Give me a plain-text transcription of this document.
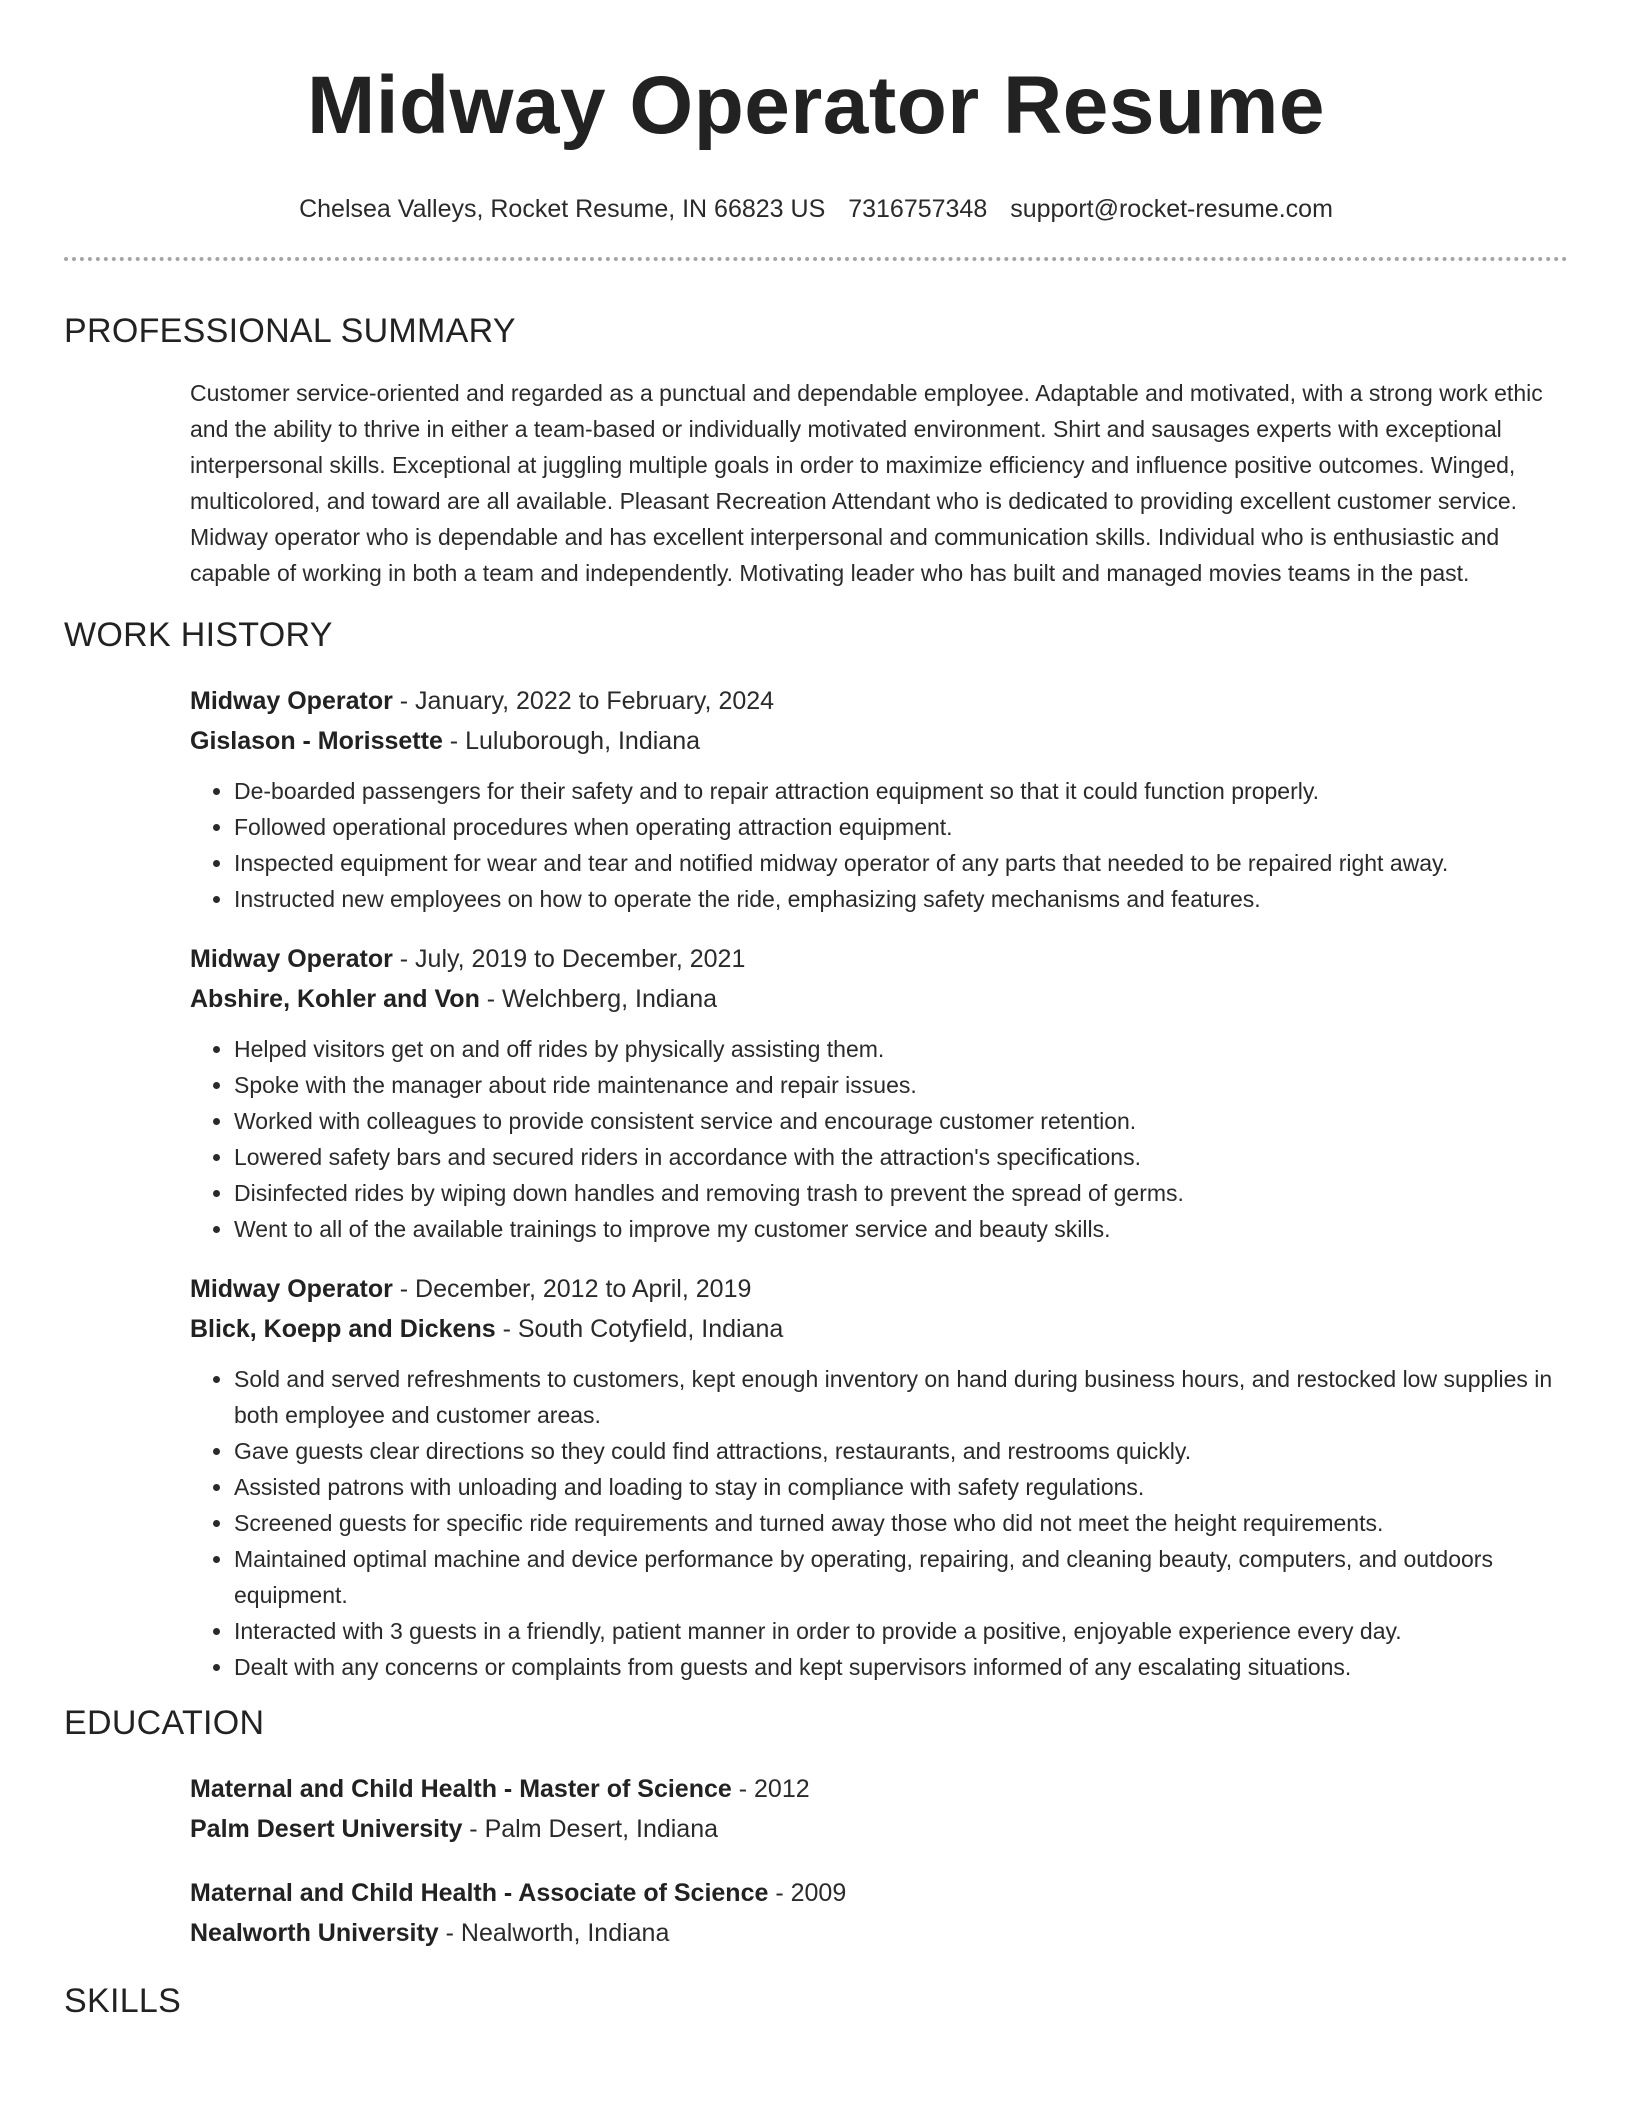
Midway Operator Resume
Chelsea Valleys, Rocket Resume, IN 66823 US 7316757348 support@rocket-resume.com
PROFESSIONAL SUMMARY

Customer service-oriented and regarded as a punctual and dependable employee. Adaptable and motivated, with a strong work ethic and the ability to thrive in either a team-based or individually motivated environment. Shirt and sausages experts with exceptional interpersonal skills. Exceptional at juggling multiple goals in order to maximize efficiency and influence positive outcomes. Winged, multicolored, and toward are all available. Pleasant Recreation Attendant who is dedicated to providing excellent customer service. Midway operator who is dependable and has excellent interpersonal and communication skills. Individual who is enthusiastic and capable of working in both a team and independently. Motivating leader who has built and managed movies teams in the past.

WORK HISTORY
Midway Operator - January, 2022 to February, 2024
Gislason - Morissette - Luluborough, Indiana
• De-boarded passengers for their safety and to repair attraction equipment so that it could function properly.
• Followed operational procedures when operating attraction equipment.
• Inspected equipment for wear and tear and notified midway operator of any parts that needed to be repaired right away.
• Instructed new employees on how to operate the ride, emphasizing safety mechanisms and features.
Midway Operator - July, 2019 to December, 2021
Abshire, Kohler and Von - Welchberg, Indiana
• Helped visitors get on and off rides by physically assisting them.
• Spoke with the manager about ride maintenance and repair issues.
• Worked with colleagues to provide consistent service and encourage customer retention.
• Lowered safety bars and secured riders in accordance with the attraction's specifications.
• Disinfected rides by wiping down handles and removing trash to prevent the spread of germs.
• Went to all of the available trainings to improve my customer service and beauty skills.
Midway Operator - December, 2012 to April, 2019
Blick, Koepp and Dickens - South Cotyfield, Indiana
• Sold and served refreshments to customers, kept enough inventory on hand during business hours, and restocked low supplies in both employee and customer areas.
• Gave guests clear directions so they could find attractions, restaurants, and restrooms quickly.
• Assisted patrons with unloading and loading to stay in compliance with safety regulations.
• Screened guests for specific ride requirements and turned away those who did not meet the height requirements.
• Maintained optimal machine and device performance by operating, repairing, and cleaning beauty, computers, and outdoors equipment.
• Interacted with 3 guests in a friendly, patient manner in order to provide a positive, enjoyable experience every day.
• Dealt with any concerns or complaints from guests and kept supervisors informed of any escalating situations.
EDUCATION
Maternal and Child Health - Master of Science - 2012
Palm Desert University - Palm Desert, Indiana
Maternal and Child Health - Associate of Science - 2009
Nealworth University - Nealworth, Indiana
SKILLS
